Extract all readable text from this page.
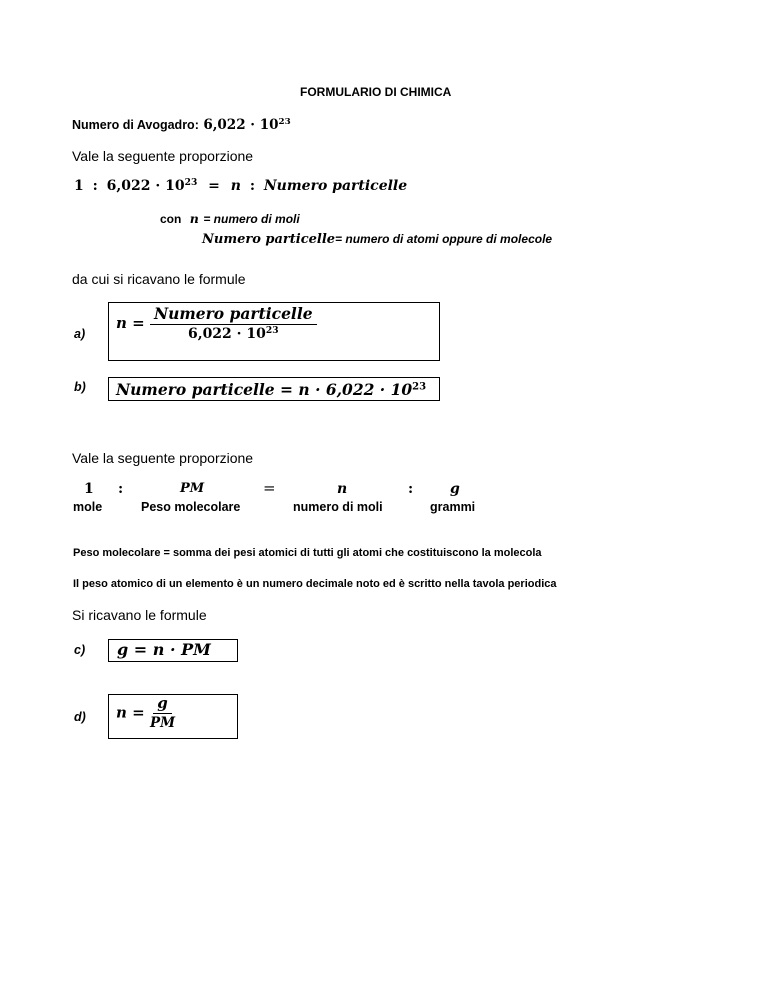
FORMULARIO DI CHIMICA
Numero di Avogadro: $6,022 \cdot 10^{23}$
Vale la seguente proporzione
1 : $6,022 \cdot 10^{23} = n$ : Numero particelle
con n = numero di moli
Numero particelle= numero di atomi oppure di molecole
da cui si ricavano le formule
a)
$n = \frac{\text{Numero particelle}}{6,022 \cdot 10^{23}}$
b) Numero particelle = $n \cdot 6,022 \cdot 10^{23}$
Vale la seguente proporzione
1 :	PM	=	n	:	g
mole	Peso molecolare	numero di moli	grammi
Peso molecolare = somma dei pesi atomici di tutti gli atomi che costituiscono la molecola
Il peso atomico di un elemento è un numero decimale noto ed è scritto nella tavola periodica
Si ricavano le formule
c) g = n · PM
d) $n = \frac{g}{PM}$
